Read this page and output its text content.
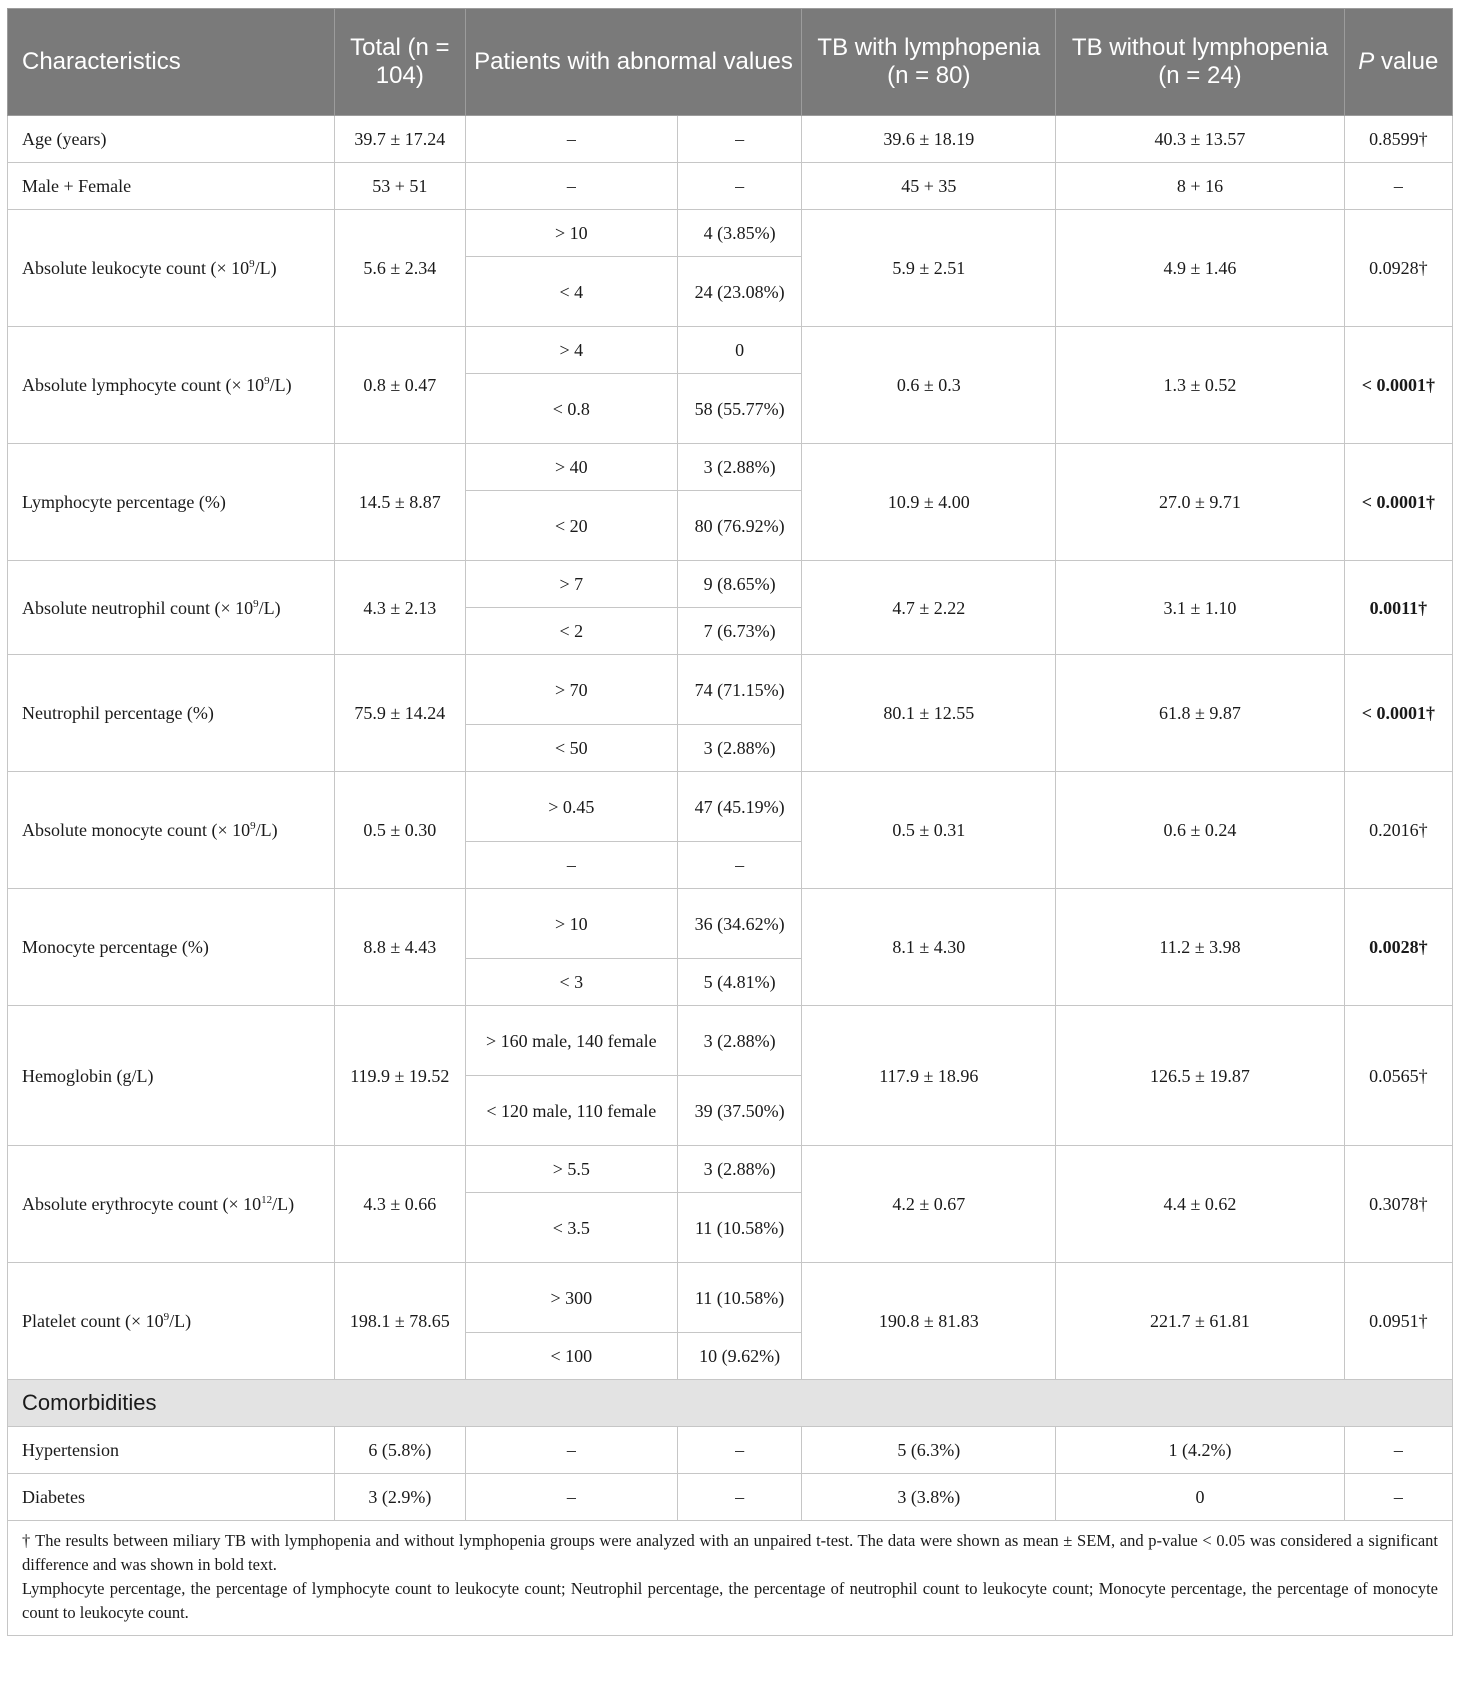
Characteristics	Total (n = 104)	Patients with abnormal values		TB with lymphopenia (n = 80)	TB without lymphopenia (n = 24)	P value
Age (years)	39.7 ± 17.24	–	–	39.6 ± 18.19	40.3 ± 13.57	0.8599†
Male + Female	53 + 51	–	–	45 + 35	8 + 16	–
Absolute leukocyte count (× $10^9/L$)	5.6 ± 2.34	> 10	4 (3.85%)	5.9 ± 2.51	4.9 ± 1.46	0.0928†
		< 4	24 (23.08%)			
Absolute lymphocyte count (× $10^9/L$)	0.8 ± 0.47	> 4	0	0.6 ± 0.3	1.3 ± 0.52	< 0.0001†
		< 0.8	58 (55.77%)			
Lymphocyte percentage (%)	14.5 ± 8.87	> 40	3 (2.88%)	10.9 ± 4.00	27.0 ± 9.71	< 0.0001†
		< 20	80 (76.92%)			
Absolute neutrophil count (× $10^9/L$)	4.3 ± 2.13	> 7	9 (8.65%)	4.7 ± 2.22	3.1 ± 1.10	0.0011†
		< 2	7 (6.73%)			
Neutrophil percentage (%)	75.9 ± 14.24	> 70	74 (71.15%)	80.1 ± 12.55	61.8 ± 9.87	< 0.0001†
		< 50	3 (2.88%)			
Absolute monocyte count (× $10^9/L$)	0.5 ± 0.30	> 0.45	47 (45.19%)	0.5 ± 0.31	0.6 ± 0.24	0.2016†
		–	–			
Monocyte percentage (%)	8.8 ± 4.43	> 10	36 (34.62%)	8.1 ± 4.30	11.2 ± 3.98	0.0028†
		< 3	5 (4.81%)			
Hemoglobin (g/L)	119.9 ± 19.52	> 160 male, 140 female	3 (2.88%)	117.9 ± 18.96	126.5 ± 19.87	0.0565†
		< 120 male, 110 female	39 (37.50%)			
Absolute erythrocyte count (× $10^{12}/L$)	4.3 ± 0.66	> 5.5	3 (2.88%)	4.2 ± 0.67	4.4 ± 0.62	0.3078†
		< 3.5	11 (10.58%)			
Platelet count (× $10^9/L$)	198.1 ± 78.65	> 300	11 (10.58%)	190.8 ± 81.83	221.7 ± 61.81	0.0951†
		< 100	10 (9.62%)			
Comorbidities						
Hypertension	6 (5.8%)	–	–	5 (6.3%)	1 (4.2%)	–
Diabetes	3 (2.9%)	–	–	3 (3.8%)	0	–

† The results between miliary TB with lymphopenia and without lymphopenia groups were analyzed with an unpaired t-test. The data were shown as mean ± SEM, and p-value < 0.05 was considered a significant difference and was shown in bold text.

Lymphocyte percentage, the percentage of lymphocyte count to leukocyte count; Neutrophil percentage, the percentage of neutrophil count to leukocyte count; Monocyte percentage, the percentage of monocyte count to leukocyte count.
